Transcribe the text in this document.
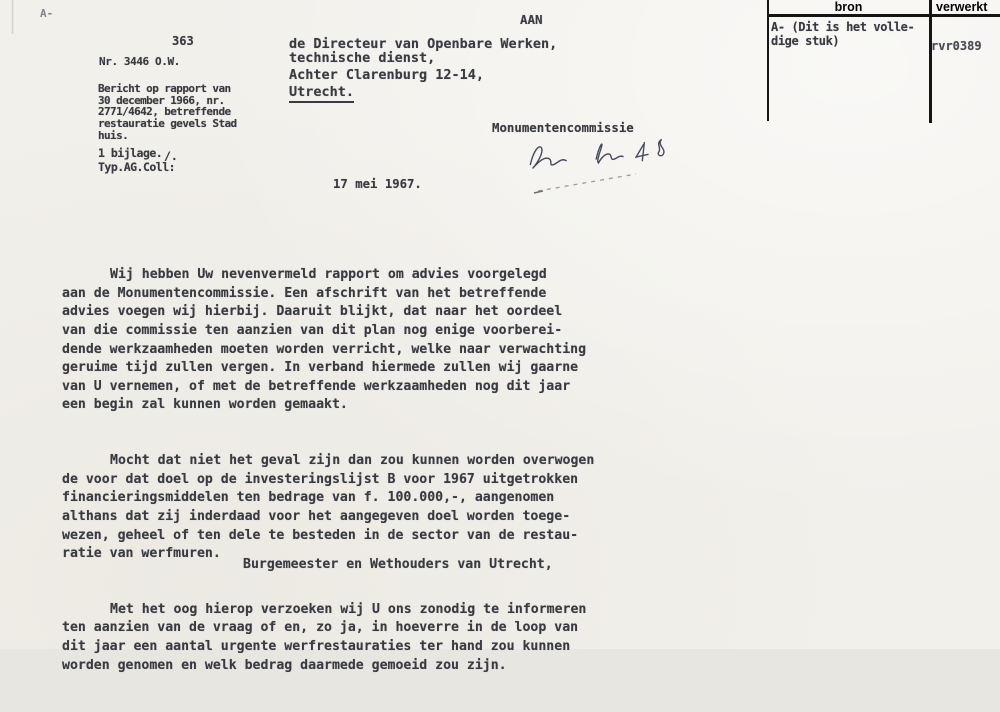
A-
363
Nr. 3446 O.W.
Bericht op rapport van
30 december 1966, nr.
2771/4642, betreffende
restauratie gevels Stad
huis.
1 bijlage. /.
Typ.AG.Coll:
17 mei 1967.
AAN
de Directeur van Openbare Werken,
technische dienst,
Achter Clarenburg 12-14,
Utrecht.
Monumentencommissie
bron	verwerkt
A- (Dit is het volle-
dige stuk)	rvr0389

Wij hebben Uw nevenvermeld rapport om advies voorgelegd
aan de Monumentencommissie. Een afschrift van het betreffende
advies voegen wij hierbij. Daaruit blijkt, dat naar het oordeel
van die commissie ten aanzien van dit plan nog enige voorberei-
dende werkzaamheden moeten worden verricht, welke naar verwachting
geruime tijd zullen vergen. In verband hiermede zullen wij gaarne
van U vernemen, of met de betreffende werkzaamheden nog dit jaar
een begin zal kunnen worden gemaakt.

Mocht dat niet het geval zijn dan zou kunnen worden overwogen
de voor dat doel op de investeringslijst B voor 1967 uitgetrokken
financieringsmiddelen ten bedrage van f. 100.000,-, aangenomen
althans dat zij inderdaad voor het aangegeven doel worden toege-
wezen, geheel of ten dele te besteden in de sector van de restau-
ratie van werfmuren.

Met het oog hierop verzoeken wij U ons zonodig te informeren
ten aanzien van de vraag of en, zo ja, in hoeverre in de loop van
dit jaar een aantal urgente werfrestauraties ter hand zou kunnen
worden genomen en welk bedrag daarmede gemoeid zou zijn.

Burgemeester en Wethouders van Utrecht,
